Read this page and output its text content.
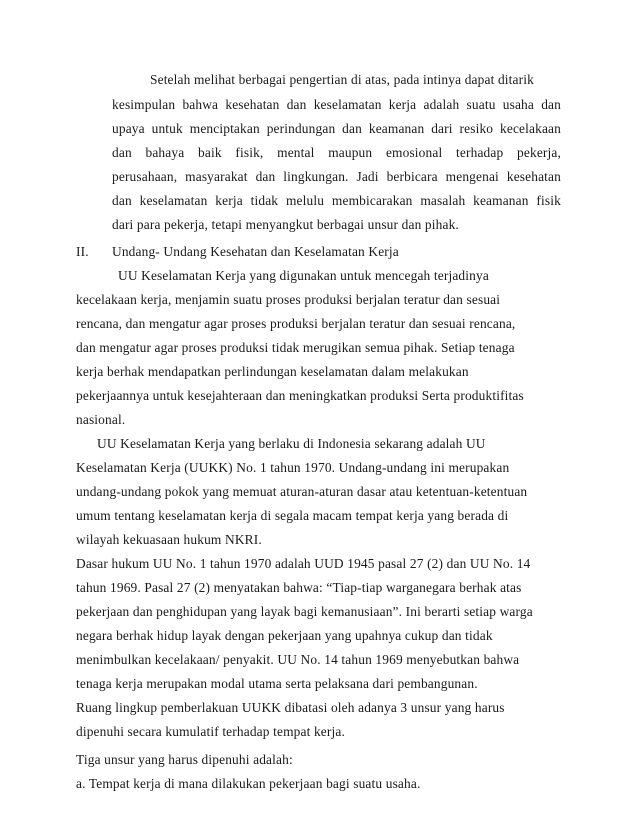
Setelah melihat berbagai pengertian di atas, pada intinya dapat ditarik
kesimpulan bahwa kesehatan dan keselamatan kerja adalah suatu usaha dan
upaya untuk menciptakan perindungan dan keamanan dari resiko kecelakaan
dan bahaya baik fisik, mental maupun emosional terhadap pekerja,
perusahaan, masyarakat dan lingkungan. Jadi berbicara mengenai kesehatan
dan keselamatan kerja tidak melulu membicarakan masalah keamanan fisik
dari para pekerja, tetapi menyangkut berbagai unsur dan pihak.
II. Undang- Undang Kesehatan dan Keselamatan Kerja
UU Keselamatan Kerja yang digunakan untuk mencegah terjadinya
kecelakaan kerja, menjamin suatu proses produksi berjalan teratur dan sesuai
rencana, dan mengatur agar proses produksi berjalan teratur dan sesuai rencana,
dan mengatur agar proses produksi tidak merugikan semua pihak. Setiap tenaga
kerja berhak mendapatkan perlindungan keselamatan dalam melakukan
pekerjaannya untuk kesejahteraan dan meningkatkan produksi Serta produktifitas
nasional.
UU Keselamatan Kerja yang berlaku di Indonesia sekarang adalah UU
Keselamatan Kerja (UUKK) No. 1 tahun 1970. Undang-undang ini merupakan
undang-undang pokok yang memuat aturan-aturan dasar atau ketentuan-ketentuan
umum tentang keselamatan kerja di segala macam tempat kerja yang berada di
wilayah kekuasaan hukum NKRI.
Dasar hukum UU No. 1 tahun 1970 adalah UUD 1945 pasal 27 (2) dan UU No. 14
tahun 1969. Pasal 27 (2) menyatakan bahwa: “Tiap-tiap warganegara berhak atas
pekerjaan dan penghidupan yang layak bagi kemanusiaan”. Ini berarti setiap warga
negara berhak hidup layak dengan pekerjaan yang upahnya cukup dan tidak
menimbulkan kecelakaan/ penyakit. UU No. 14 tahun 1969 menyebutkan bahwa
tenaga kerja merupakan modal utama serta pelaksana dari pembangunan.
Ruang lingkup pemberlakuan UUKK dibatasi oleh adanya 3 unsur yang harus
dipenuhi secara kumulatif terhadap tempat kerja.
Tiga unsur yang harus dipenuhi adalah:
a. Tempat kerja di mana dilakukan pekerjaan bagi suatu usaha.
